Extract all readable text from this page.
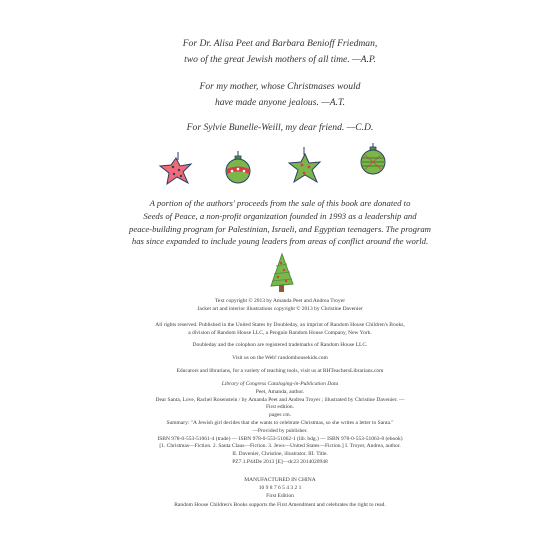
For Dr. Alisa Peet and Barbara Benioff Friedman,
two of the great Jewish mothers of all time. —A.P.
For my mother, whose Christmases would
have made anyone jealous. —A.T.
For Sylvie Bunelle-Weill, my dear friend. —C.D.
A portion of the authors' proceeds from the sale of this book are donated to
Seeds of Peace, a non-profit organization founded in 1993 as a leadership and
peace-building program for Palestinian, Israeli, and Egyptian teenagers. The program
has since expanded to include young leaders from areas of conflict around the world.
Text copyright © 2013 by Amanda Peet and Andrea Troyer
Jacket art and interior illustrations copyright © 2013 by Christine Davenier
All rights reserved. Published in the United States by Doubleday, an imprint of Random House Children's Books,
a division of Random House LLC, a Penguin Random House Company, New York.
Doubleday and the colophon are registered trademarks of Random House LLC.
Visit us on the Web! randomhousekids.com
Educators and librarians, for a variety of teaching tools, visit us at RHTeachersLibrarians.com
Library of Congress Cataloging-in-Publication Data
Peet, Amanda, author.
Dear Santa, Love, Rachel Rosenstein / by Amanda Peet and Andrea Troyer ; illustrated by Christine Davenier. —
First edition.
pages cm.
Summary: "A Jewish girl decides that she wants to celebrate Christmas, so she writes a letter to Santa."
—Provided by publisher.
ISBN 978-0-553-51061-4 (trade) — ISBN 978-0-553-51062-1 (lib. bdg.) — ISBN 978-0-553-51063-8 (ebook)
[1. Christmas—Fiction. 2. Santa Claus—Fiction. 3. Jews—United States—Fiction.] I. Troyer, Andrea, author.
II. Davenier, Christine, illustrator. III. Title.
PZ7.1.P44De 2013 [E]—dc23 2014020948
MANUFACTURED IN CHINA
10 9 8 7 6 5 4 3 2 1
First Edition
Random House Children's Books supports the First Amendment and celebrates the right to read.
